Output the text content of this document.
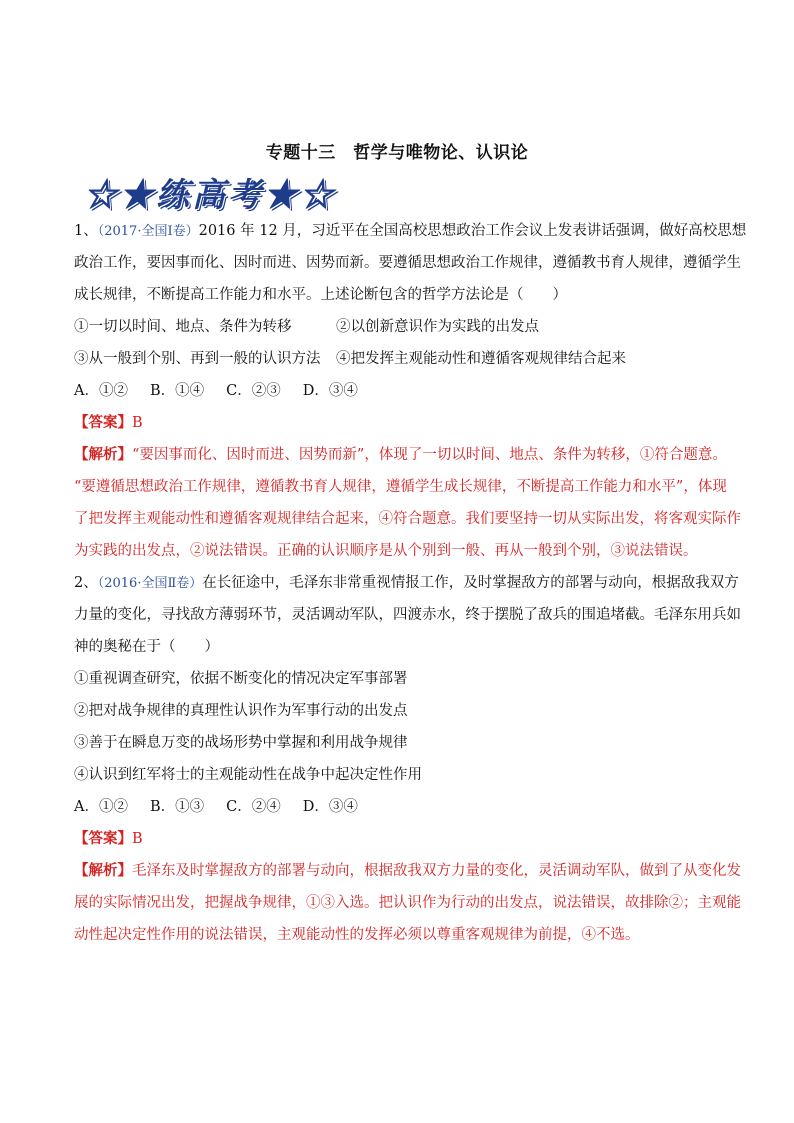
专题十三　哲学与唯物论、认识论
☆★练高考★☆
1、（2017·全国Ⅰ卷）2016 年 12 月，习近平在全国高校思想政治工作会议上发表讲话强调，做好高校思想
政治工作，要因事而化、因时而进、因势而新。要遵循思想政治工作规律，遵循教书育人规律，遵循学生
成长规律，不断提高工作能力和水平。上述论断包含的哲学方法论是（　　）
①一切以时间、地点、条件为转移	②以创新意识作为实践的出发点
③从一般到个别、再到一般的认识方法 ④把发挥主观能动性和遵循客观规律结合起来
A．①② B．①④ C．②③ D．③④
【答案】B
【解析】“要因事而化、因时而进、因势而新”，体现了一切以时间、地点、条件为转移，①符合题意。
“要遵循思想政治工作规律，遵循教书育人规律，遵循学生成长规律，不断提高工作能力和水平”，体现
了把发挥主观能动性和遵循客观规律结合起来，④符合题意。我们要坚持一切从实际出发，将客观实际作
为实践的出发点，②说法错误。正确的认识顺序是从个别到一般、再从一般到个别，③说法错误。
2、（2016·全国Ⅱ卷）在长征途中，毛泽东非常重视情报工作，及时掌握敌方的部署与动向，根据敌我双方
力量的变化，寻找敌方薄弱环节，灵活调动军队，四渡赤水，终于摆脱了敌兵的围追堵截。毛泽东用兵如
神的奥秘在于（　　）
①重视调查研究，依据不断变化的情况决定军事部署
②把对战争规律的真理性认识作为军事行动的出发点
③善于在瞬息万变的战场形势中掌握和利用战争规律
④认识到红军将士的主观能动性在战争中起决定性作用
A．①② B．①③ C．②④ D．③④
【答案】B
【解析】毛泽东及时掌握敌方的部署与动向，根据敌我双方力量的变化，灵活调动军队，做到了从变化发
展的实际情况出发，把握战争规律，①③入选。把认识作为行动的出发点，说法错误，故排除②；主观能
动性起决定性作用的说法错误，主观能动性的发挥必须以尊重客观规律为前提，④不选。
